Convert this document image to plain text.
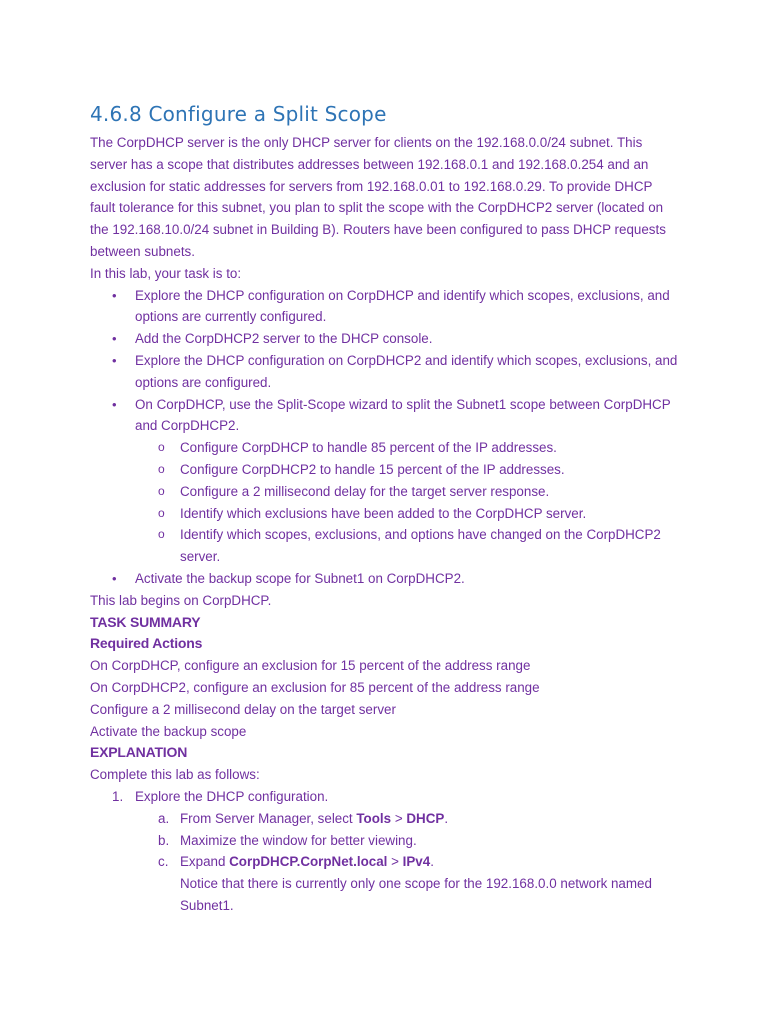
4.6.8 Configure a Split Scope

The CorpDHCP server is the only DHCP server for clients on the 192.168.0.0/24 subnet. This server has a scope that distributes addresses between 192.168.0.1 and 192.168.0.254 and an exclusion for static addresses for servers from 192.168.0.01 to 192.168.0.29. To provide DHCP fault tolerance for this subnet, you plan to split the scope with the CorpDHCP2 server (located on the 192.168.10.0/24 subnet in Building B). Routers have been configured to pass DHCP requests between subnets.

In this lab, your task is to:

• Explore the DHCP configuration on CorpDHCP and identify which scopes, exclusions, and options are currently configured.
• Add the CorpDHCP2 server to the DHCP console.
• Explore the DHCP configuration on CorpDHCP2 and identify which scopes, exclusions, and options are configured.
• On CorpDHCP, use the Split-Scope wizard to split the Subnet1 scope between CorpDHCP and CorpDHCP2.
o Configure CorpDHCP to handle 85 percent of the IP addresses.
o Configure CorpDHCP2 to handle 15 percent of the IP addresses.
o Configure a 2 millisecond delay for the target server response.
o Identify which exclusions have been added to the CorpDHCP server.
o Identify which scopes, exclusions, and options have changed on the CorpDHCP2 server.
• Activate the backup scope for Subnet1 on CorpDHCP2.

This lab begins on CorpDHCP.

TASK SUMMARY

Required Actions

On CorpDHCP, configure an exclusion for 15 percent of the address range

On CorpDHCP2, configure an exclusion for 85 percent of the address range

Configure a 2 millisecond delay on the target server

Activate the backup scope

EXPLANATION

Complete this lab as follows:

1. Explore the DHCP configuration.
a. From Server Manager, select Tools > DHCP.
b. Maximize the window for better viewing.
c. Expand CorpDHCP.CorpNet.local > IPv4.
Notice that there is currently only one scope for the 192.168.0.0 network named Subnet1.
